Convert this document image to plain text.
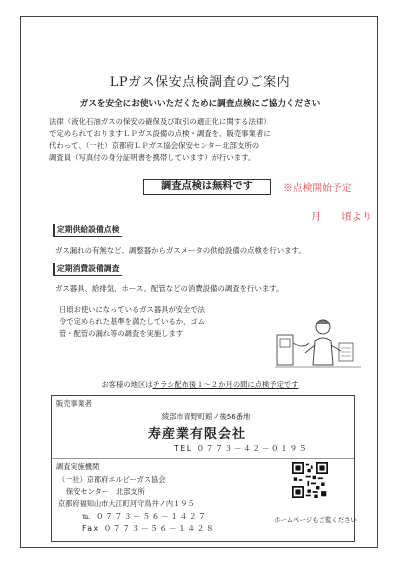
LPガス保安点検調査のご案内
ガスを安全にお使いいただくために調査点検にご協力ください
法律（液化石油ガスの保安の確保及び取引の適正化に関する法律）
で定められておりますＬＰガス設備の点検・調査を、販売事業者に
代わって、（一社）京都府ＬＰガス協会保安センター北部支所の
調査員（写真付の身分証明書を携帯しています）が行います。
調査点検は無料です	※点検開始予定
月　　頃より
定期供給設備点検
ガス漏れの有無など、調整器からガスメータの供給設備の点検を行います。
定期消費設備調査
ガス器具、給排気、ホース、配管などの消費設備の調査を行います。
日頃お使いになっているガス器具が安全で法
令で定められた基準を満たしているか、ゴム
管・配管の漏れ等の調査を実施します
お客様の地区はチラシ配布後１～２か月の間に点検予定です
販売事業者
綾部市青野町館ノ後56番地
寿産業有限会社
TEL ０７７３－４２－０１９５
調査実施機関
（一社）京都府エルピーガス協会
保安センター　北部支所
京都府福知山市大江町河守鳥井ノ内１９５
℡ ０７７３－５６－１４２７
Fax ０７７３－５６－１４２８
ホームページもご覧ください
